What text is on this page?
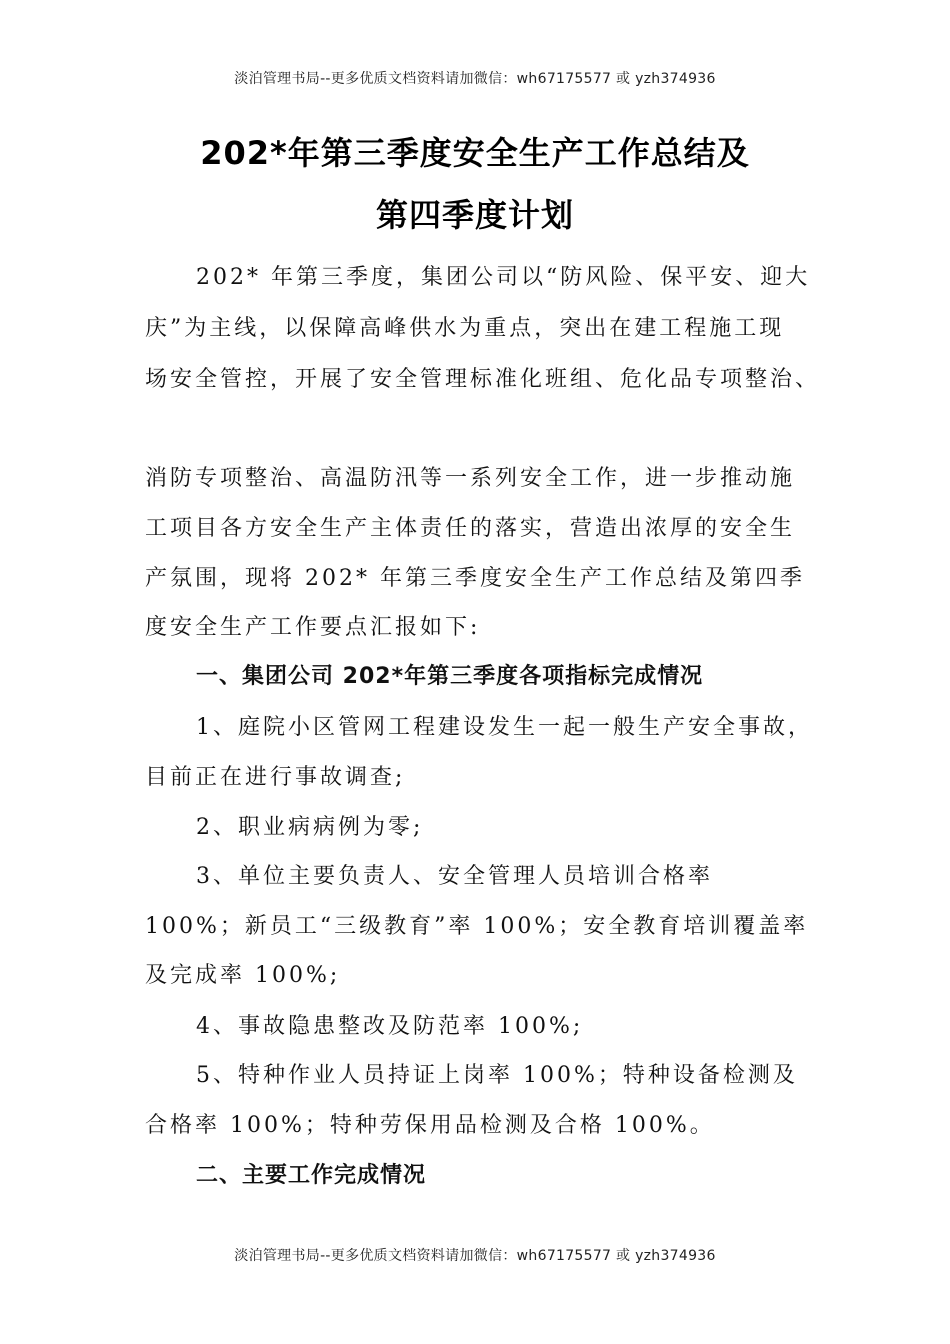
淡泊管理书局--更多优质文档资料请加微信：wh67175577 或 yzh374936
202*年第三季度安全生产工作总结及
第四季度计划
202* 年第三季度，集团公司以“防风险、保平安、迎大
庆”为主线，以保障高峰供水为重点，突出在建工程施工现
场安全管控，开展了安全管理标准化班组、危化品专项整治、
消防专项整治、高温防汛等一系列安全工作，进一步推动施
工项目各方安全生产主体责任的落实，营造出浓厚的安全生
产氛围，现将 202* 年第三季度安全生产工作总结及第四季
度安全生产工作要点汇报如下:
一、集团公司 202*年第三季度各项指标完成情况
1、庭院小区管网工程建设发生一起一般生产安全事故，
目前正在进行事故调查;
2、职业病病例为零;
3、单位主要负责人、安全管理人员培训合格率
100%；新员工“三级教育”率 100%；安全教育培训覆盖率
及完成率 100%;
4、事故隐患整改及防范率 100%;
5、特种作业人员持证上岗率 100%；特种设备检测及
合格率 100%；特种劳保用品检测及合格 100%。
二、主要工作完成情况
淡泊管理书局--更多优质文档资料请加微信：wh67175577 或 yzh374936
